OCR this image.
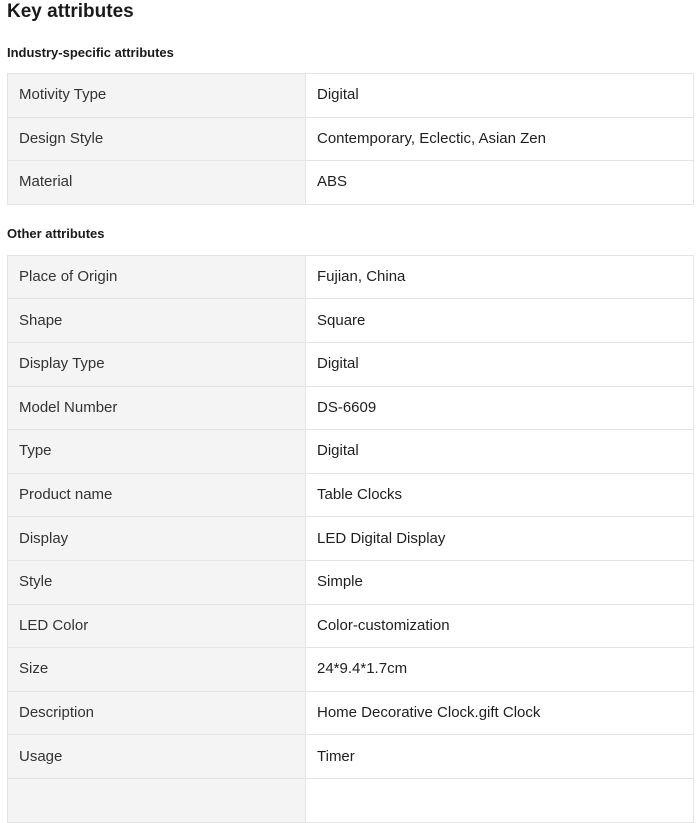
Key attributes
Industry-specific attributes
Motivity Type	Digital
Design Style	Contemporary, Eclectic, Asian Zen
Material	ABS
Other attributes
Place of Origin	Fujian, China
Shape	Square
Display Type	Digital
Model Number	DS-6609
Type	Digital
Product name	Table Clocks
Display	LED Digital Display
Style	Simple
LED Color	Color-customization
Size	24*9.4*1.7cm
Description	Home Decorative Clock.gift Clock
Usage	Timer
